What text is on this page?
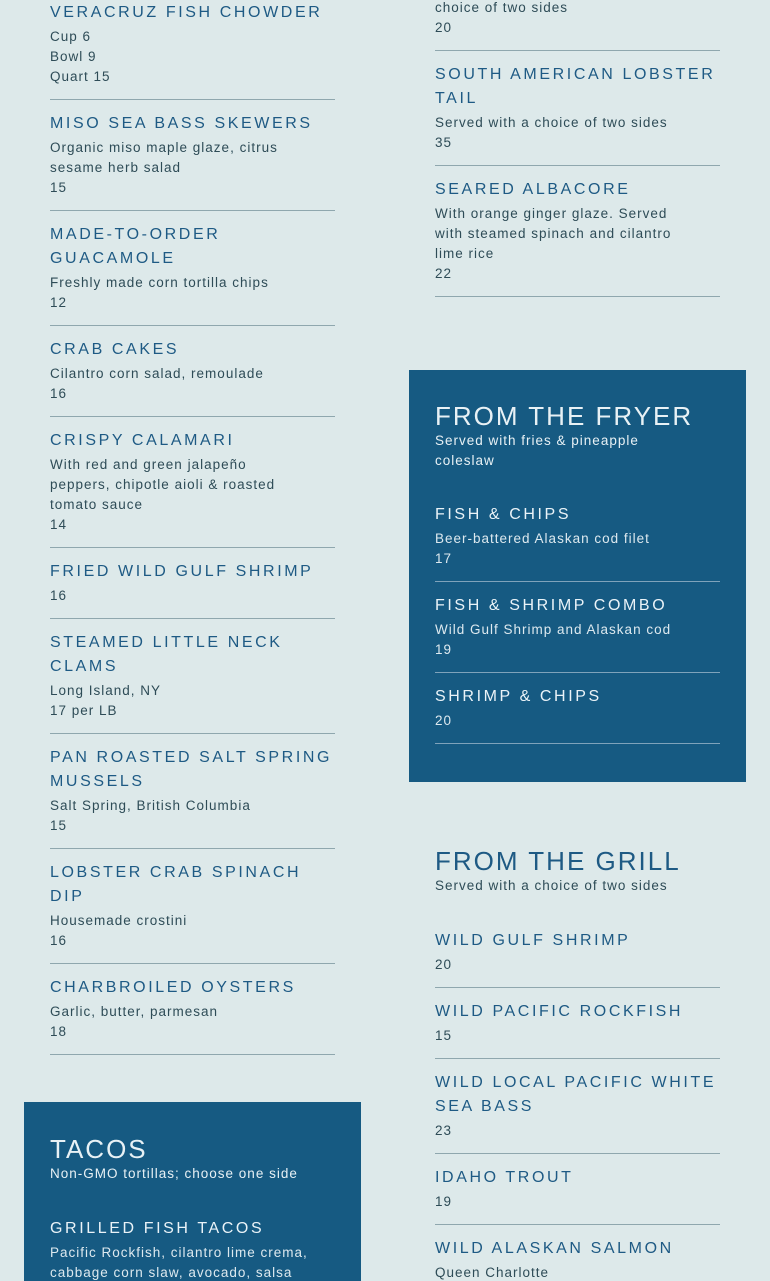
VERACRUZ FISH CHOWDER
Cup 6
Bowl 9
Quart 15
MISO SEA BASS SKEWERS
Organic miso maple glaze, citrus
sesame herb salad
15
MADE-TO-ORDER GUACAMOLE
Freshly made corn tortilla chips
12
CRAB CAKES
Cilantro corn salad, remoulade
16
CRISPY CALAMARI
With red and green jalapeño
peppers, chipotle aioli & roasted
tomato sauce
14
FRIED WILD GULF SHRIMP
16
STEAMED LITTLE NECK CLAMS
Long Island, NY
17 per LB
PAN ROASTED SALT SPRING MUSSELS
Salt Spring, British Columbia
15
LOBSTER CRAB SPINACH DIP
Housemade crostini
16
CHARBROILED OYSTERS
Garlic, butter, parmesan
18
TACOS
Non-GMO tortillas; choose one side
GRILLED FISH TACOS
Pacific Rockfish, cilantro lime crema,
cabbage corn slaw, avocado, salsa
choice of two sides
20
SOUTH AMERICAN LOBSTER TAIL
Served with a choice of two sides
35
SEARED ALBACORE
With orange ginger glaze. Served
with steamed spinach and cilantro
lime rice
22
FROM THE FRYER
Served with fries & pineapple
coleslaw
FISH & CHIPS
Beer-battered Alaskan cod filet
17
FISH & SHRIMP COMBO
Wild Gulf Shrimp and Alaskan cod
19
SHRIMP & CHIPS
20
FROM THE GRILL
Served with a choice of two sides
WILD GULF SHRIMP
20
WILD PACIFIC ROCKFISH
15
WILD LOCAL PACIFIC WHITE SEA BASS
23
IDAHO TROUT
19
WILD ALASKAN SALMON
Queen Charlotte
